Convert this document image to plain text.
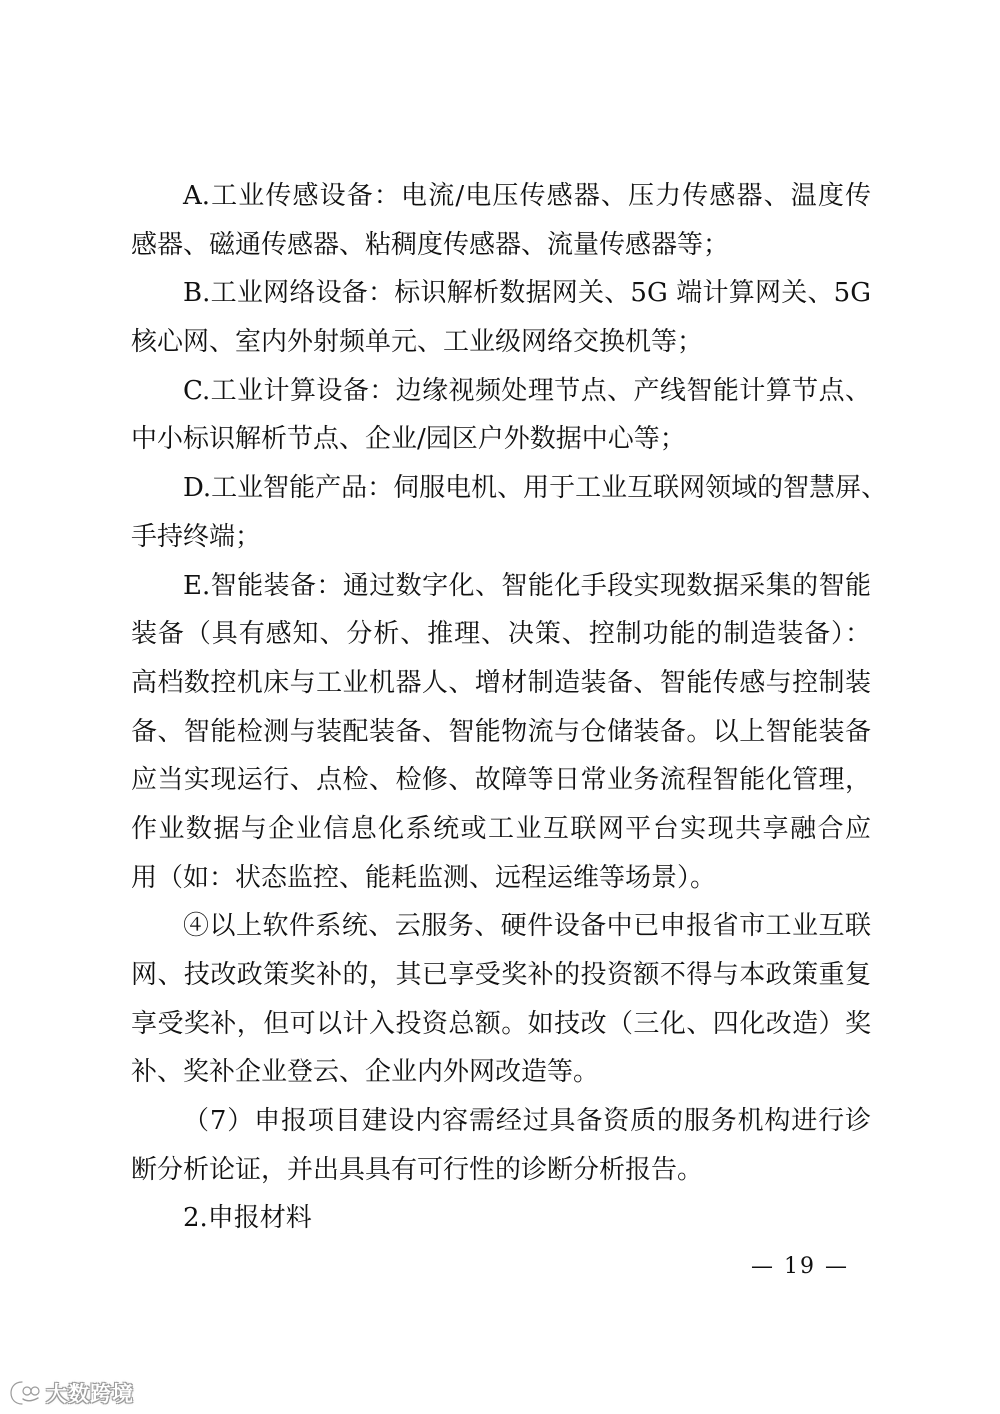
A.工业传感设备：电流/电压传感器、压力传感器、温度传
感器、磁通传感器、粘稠度传感器、流量传感器等；
B.工业网络设备：标识解析数据网关、5G 端计算网关、5G
核心网、室内外射频单元、工业级网络交换机等；
C.工业计算设备：边缘视频处理节点、产线智能计算节点、
中小标识解析节点、企业/园区户外数据中心等；
D.工业智能产品：伺服电机、用于工业互联网领域的智慧屏、
手持终端；
E.智能装备：通过数字化、智能化手段实现数据采集的智能
装备（具有感知、分析、推理、决策、控制功能的制造装备）：
高档数控机床与工业机器人、增材制造装备、智能传感与控制装
备、智能检测与装配装备、智能物流与仓储装备。以上智能装备
应当实现运行、点检、检修、故障等日常业务流程智能化管理，
作业数据与企业信息化系统或工业互联网平台实现共享融合应
用（如：状态监控、能耗监测、远程运维等场景）。
④以上软件系统、云服务、硬件设备中已申报省市工业互联
网、技改政策奖补的，其已享受奖补的投资额不得与本政策重复
享受奖补，但可以计入投资总额。如技改（三化、四化改造）奖
补、奖补企业登云、企业内外网改造等。
（7）申报项目建设内容需经过具备资质的服务机构进行诊
断分析论证，并出具具有可行性的诊断分析报告。
2.申报材料
— 19 —
大数跨境
